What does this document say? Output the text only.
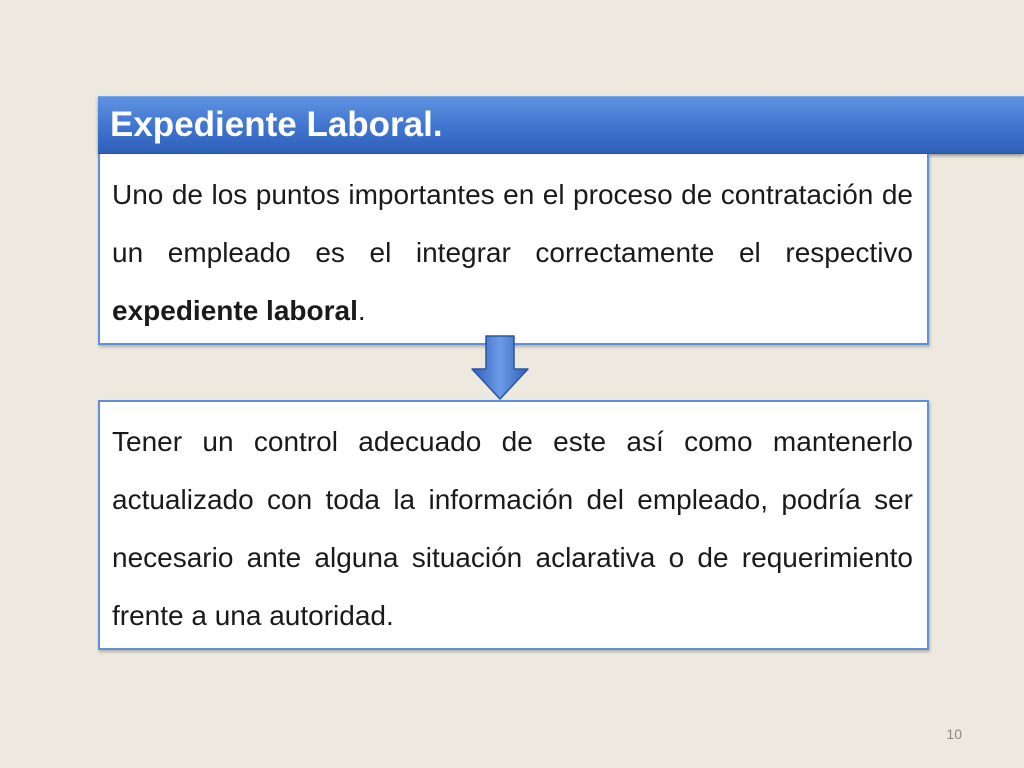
Expediente Laboral.

Uno de los puntos importantes en el proceso de contratación de un empleado es el integrar correctamente el respectivo expediente laboral.

Tener un control adecuado de este así como mantenerlo actualizado con toda la información del empleado, podría ser necesario ante alguna situación aclarativa o de requerimiento frente a una autoridad.

10
